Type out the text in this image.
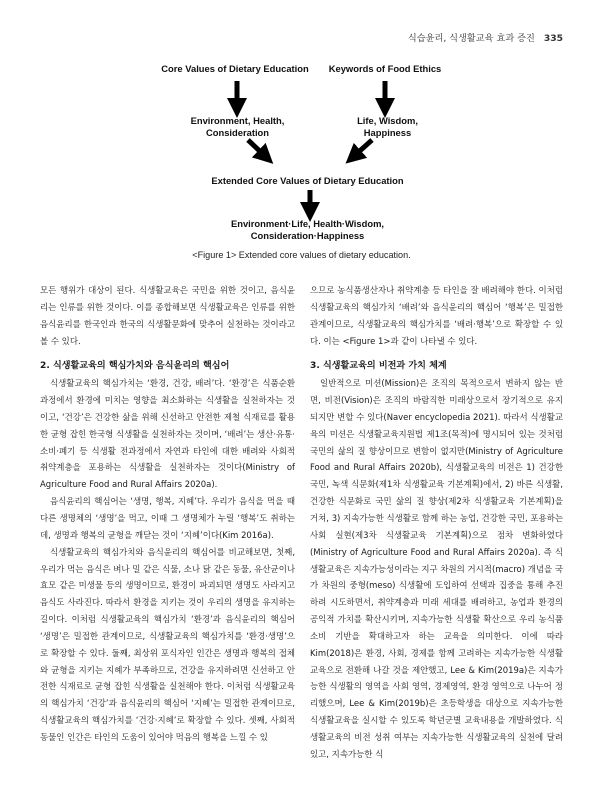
식습윤리, 식생활교육 효과 증진 335
Core Values of Dietary Education	Keywords of Food Ethics
Environment, Health,
Consideration
Life, Wisdom,
Happiness
Extended Core Values of Dietary Education
Environment·Life, Health·Wisdom,
Consideration·Happiness
<Figure 1> Extended core values of dietary education.

모든 행위가 대상이 된다. 식생활교육은 국민을 위한 것이고, 음식윤리는 인류를 위한 것이다. 이를 종합해보면 식생활교육은 인류를 위한 음식윤리를 한국인과 한국의 식생활문화에 맞추어 실천하는 것이라고 볼 수 있다.

2. 식생활교육의 핵심가치와 음식윤리의 핵심어

식생활교육의 핵심가치는 ‘환경, 건강, 배려’다. ‘환경’은 식품순환과정에서 환경에 미치는 영향을 최소화하는 식생활을 실천하자는 것이고, ‘건강’은 건강한 삶을 위해 신선하고 안전한 제철 식재료를 활용한 균형 잡힌 한국형 식생활을 실천하자는 것이며, ‘배려’는 생산·유통·소비·폐기 등 식생활 전과정에서 자연과 타인에 대한 배려와 사회적 취약계층을 포용하는 식생활을 실천하자는 것이다(Ministry of Agriculture Food and Rural Affairs 2020a).

음식윤리의 핵심어는 ‘생명, 행복, 지혜’다. 우리가 음식을 먹을 때 다른 생명체의 ‘생명’을 먹고, 이때 그 생명체가 누릴 ‘행복’도 취하는데, 생명과 행복의 균형을 깨닫는 것이 ‘지혜’이다(Kim 2016a).

식생활교육의 핵심가치와 음식윤리의 핵심어를 비교해보면, 첫째, 우리가 먹는 음식은 벼나 밀 같은 식물, 소나 닭 같은 동물, 유산균이나 효모 같은 미생물 등의 생명이므로, 환경이 파괴되면 생명도 사라지고 음식도 사라진다. 따라서 환경을 지키는 것이 우리의 생명을 유지하는 길이다. 이처럼 식생활교육의 핵심가치 ‘환경’과 음식윤리의 핵심어 ‘생명’은 밀접한 관계이므로, 식생활교육의 핵심가치를 ‘환경·생명’으로 확장할 수 있다. 둘째, 최상위 포식자인 인간은 생명과 행복의 접체와 균형을 지키는 지혜가 부족하므로, 건강을 유지하려면 신선하고 안전한 식재료로 균형 잡힌 식생활을 실천해야 한다. 이처럼 식생활교육의 핵심가치 ‘건강’과 음식윤리의 핵심어 ‘지혜’는 밀접한 관계이므로, 식생활교육의 핵심가치를 ‘건강·지혜’로 확장할 수 있다. 셋째, 사회적 동물인 인간은 타인의 도움이 있어야 먹음의 행복을 느낄 수 있

으므로 농식품생산자나 취약계층 등 타인을 잘 배려해야 한다. 이처럼 식생활교육의 핵심가치 ‘배려’와 음식윤리의 핵심어 ‘행복’은 밀접한 관계이므로, 식생활교육의 핵심가치를 ‘배려·행복’으로 확장할 수 있다. 이는 <Figure 1>과 같이 나타낼 수 있다.

3. 식생활교육의 비전과 가치 체계

일반적으로 미션(Mission)은 조직의 목적으로서 변하지 않는 반면, 비전(Vision)은 조직의 바람직한 미래상으로서 장기적으로 유지되지만 변할 수 있다(Naver encyclopedia 2021). 따라서 식생활교육의 미션은 식생활교육지원법 제1조(목적)에 명시되어 있는 것처럼 국민의 삶의 질 향상이므로 변함이 없지만(Ministry of Agriculture Food and Rural Affairs 2020b), 식생활교육의 비전은 1) 건강한 국민, 녹색 식문화(제1차 식생활교육 기본계획)에서, 2) 바른 식생활, 건강한 식문화로 국민 삶의 질 향상(제2차 식생활교육 기본계획)을 거쳐, 3) 지속가능한 식생활로 함께 하는 농업, 건강한 국민, 포용하는 사회 실현(제3차 식생활교육 기본계획)으로 점차 변화하였다(Ministry of Agriculture Food and Rural Affairs 2020a). 즉 식생활교육은 지속가능성이라는 지구 차원의 거시적(macro) 개념을 국가 차원의 중형(meso) 식생활에 도입하여 선택과 집중을 통해 추진하려 시도하면서, 취약계층과 미래 세대를 배려하고, 농업과 환경의 공익적 가치를 확산시키며, 지속가능한 식생활 확산으로 우리 농식품 소비 기반을 확대하고자 하는 교육을 의미한다. 이에 따라 Kim(2018)은 환경, 사회, 경제를 함께 고려하는 지속가능한 식생활교육으로 전환해 나갈 것을 제안했고, Lee & Kim(2019a)은 지속가능한 식생활의 영역을 사회 영역, 경제영역, 환경 영역으로 나누어 정리했으며, Lee & Kim(2019b)은 초등학생을 대상으로 지속가능한 식생활교육을 실시할 수 있도록 학년군별 교육내용을 개발하였다. 식생활교육의 비전 성취 여부는 지속가능한 식생활교육의 실천에 달려 있고, 지속가능한 식
